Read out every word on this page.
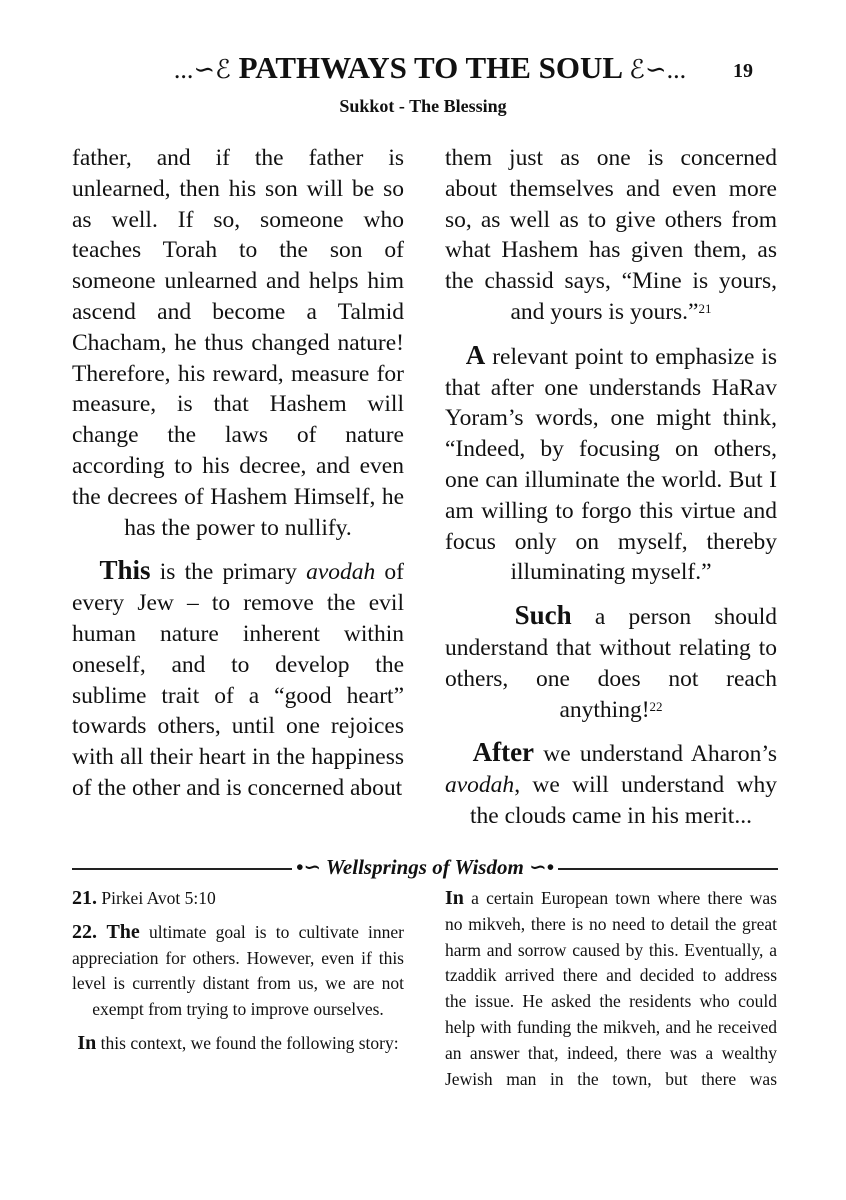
...∽ℰ PATHWAYS TO THE SOUL ℰ∽...	19
Sukkot - The Blessing

father, and if the father is unlearned, then his son will be so as well. If so, someone who teaches Torah to the son of someone unlearned and helps him ascend and become a Talmid Chacham, he thus changed nature! Therefore, his reward, measure for measure, is that Hashem will change the laws of nature according to his decree, and even the decrees of Hashem Himself, he has the power to nullify.

This is the primary avodah of every Jew – to remove the evil human nature inherent within oneself, and to develop the sublime trait of a “good heart” towards others, until one rejoices with all their heart in the happiness of the other and is concerned about

them just as one is concerned about themselves and even more so, as well as to give others from what Hashem has given them, as the chassid says, “Mine is yours, and yours is yours.”$^{21}$

A relevant point to emphasize is that after one understands HaRav Yoram’s words, one might think, “Indeed, by focusing on others, one can illuminate the world. But I am willing to forgo this virtue and focus only on myself, thereby illuminating myself.”

Such a person should understand that without relating to others, one does not reach anything!$^{22}$

After we understand Aharon’s avodah, we will understand why the clouds came in his merit...

•∽ Wellsprings of Wisdom ∽•

21. Pirkei Avot 5:10

22. The ultimate goal is to cultivate inner appreciation for others. However, even if this level is currently distant from us, we are not exempt from trying to improve ourselves.

In this context, we found the following story:

In a certain European town where there was no mikveh, there is no need to detail the great harm and sorrow caused by this. Eventually, a tzaddik arrived there and decided to address the issue. He asked the residents who could help with funding the mikveh, and he received an answer that, indeed, there was a wealthy Jewish man in the town, but there was
